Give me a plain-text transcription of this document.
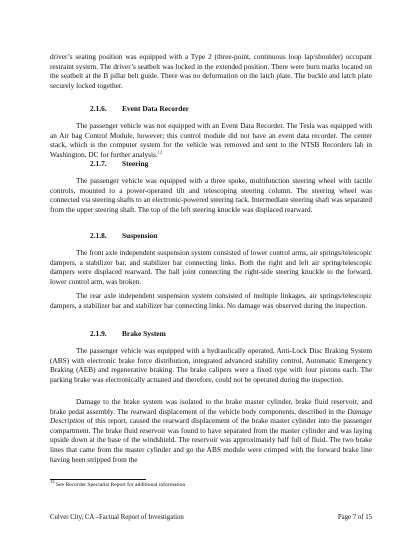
driver’s seating position was equipped with a Type 2 (three-point, continuous loop lap/shoulder) occupant restraint system. The driver’s seatbelt was locked in the extended position. There were burn marks located on the seatbelt at the B pillar belt guide. There was no deformation on the latch plate. The buckle and latch plate securely locked together.

2.1.6. Event Data Recorder

The passenger vehicle was not equipped with an Event Data Recorder. The Tesla was equipped with an Air bag Control Module, however; this control module did not have an event data recorder. The center stack, which is the computer system for the vehicle was removed and sent to the NTSB Recorders lab in Washington, DC for further analysis.$^{12}$

2.1.7. Steering

The passenger vehicle was equipped with a three spoke, multifunction steering wheel with tactile controls, mounted to a power-operated tilt and telescoping steering column. The steering wheel was connected via steering shafts to an electronic-powered steering rack. Intermediate steering shaft was separated from the upper steering shaft. The top of the left steering knuckle was displaced rearward.

2.1.8. Suspension

The front axle independent suspension system consisted of lower control arms, air springs/telescopic dampers, a stabilizer bar, and stabilizer bar connecting links. Both the right and left air spring/telescopic dampers were displaced rearward. The ball joint connecting the right-side steering knuckle to the forward, lower control arm, was broken.

The rear axle independent suspension system consisted of multiple linkages, air springs/telescopic dampers, a stabilizer bar and stabilizer bar connecting links. No damage was observed during the inspection.

2.1.9. Brake System

The passenger vehicle was equipped with a hydraulically operated, Anti-Lock Disc Braking System (ABS) with electronic brake force distribution, integrated advanced stability control, Automatic Emergency Braking (AEB) and regenerative braking. The brake calipers were a fixed type with four pistons each. The parking brake was electronically actuated and therefore, could not be operated during the inspection.

Damage to the brake system was isolated to the brake master cylinder, brake fluid reservoir, and brake pedal assembly. The rearward displacement of the vehicle body components, described in the Damage Description of this report, caused the rearward displacement of the brake master cylinder into the passenger compartment. The brake fluid reservoir was found to have separated from the master cylinder and was laying upside down at the base of the windshield. The reservoir was approximately half full of fluid. The two brake lines that came from the master cylinder and go the ABS module were crimped with the forward brake line having been stripped from the

$^{12}$ See Recorder Specialist Report for additional information
Culver City, CA –Factual Report of Investigation	Page 7 of 15
